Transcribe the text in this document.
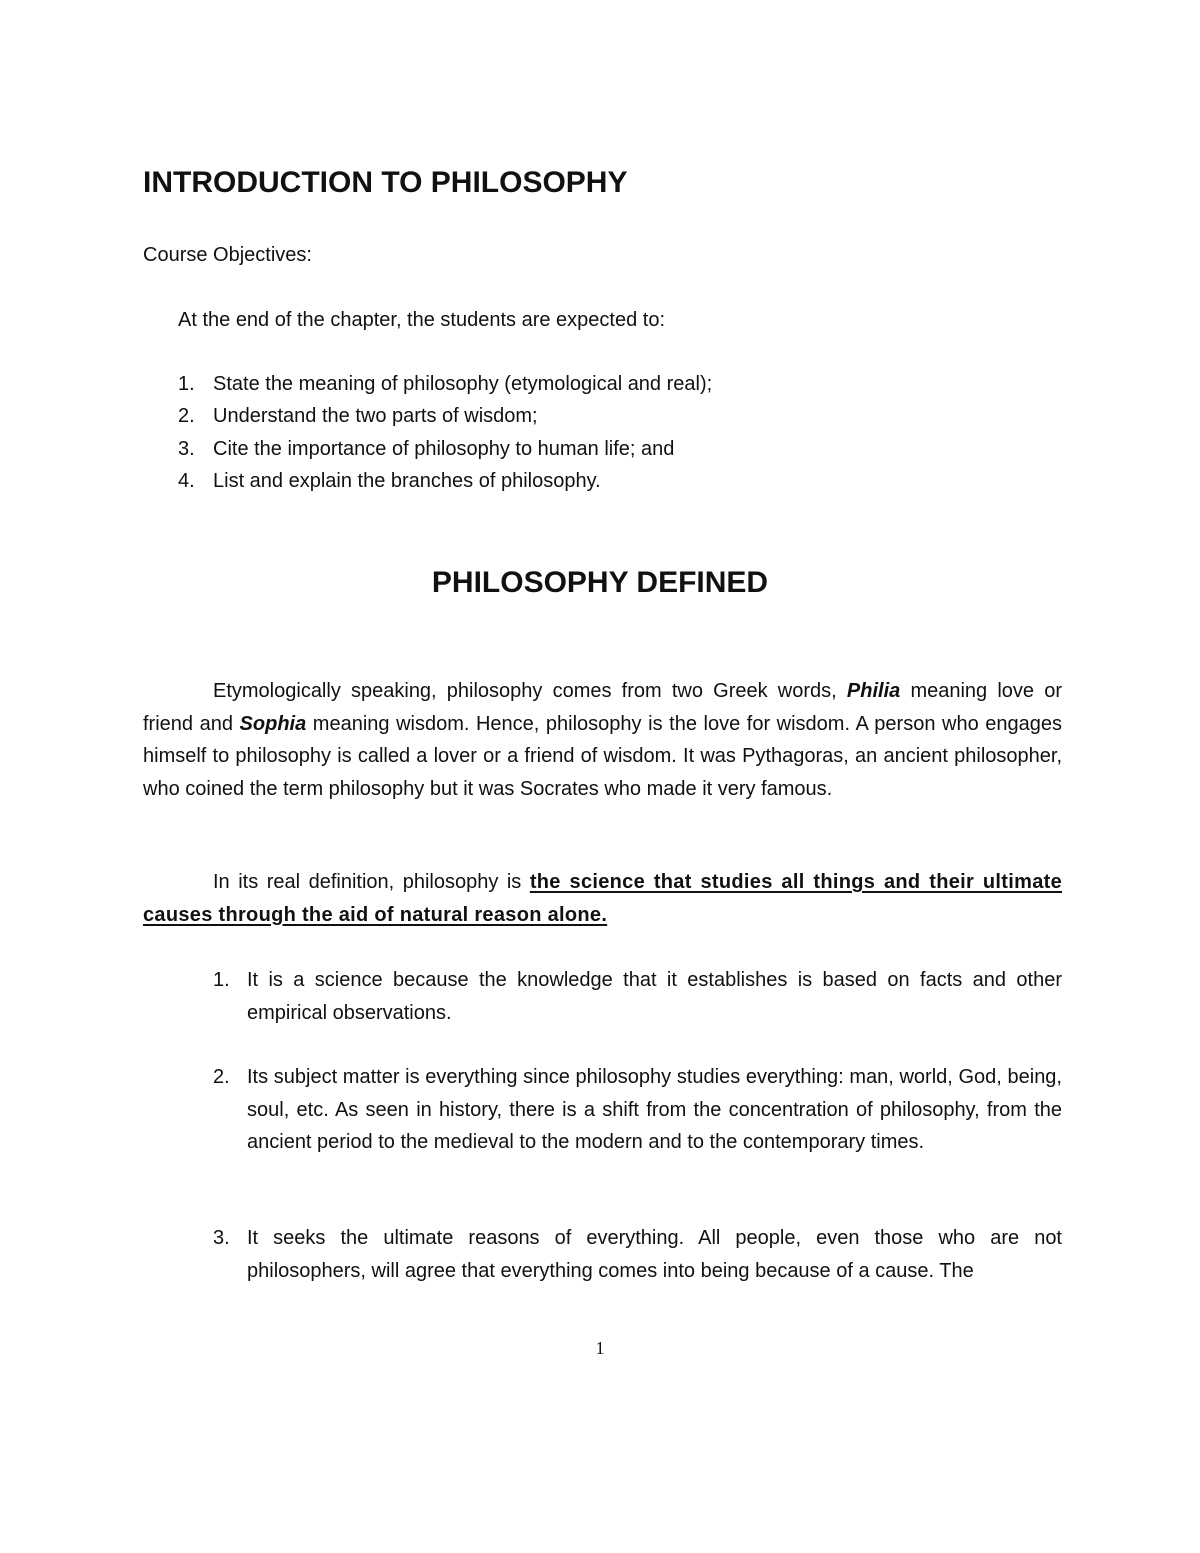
INTRODUCTION TO PHILOSOPHY

Course Objectives:

At the end of the chapter, the students are expected to:

1. State the meaning of philosophy (etymological and real);
2. Understand the two parts of wisdom;
3. Cite the importance of philosophy to human life; and
4. List and explain the branches of philosophy.
PHILOSOPHY DEFINED

Etymologically speaking, philosophy comes from two Greek words, Philia meaning love or friend and Sophia meaning wisdom. Hence, philosophy is the love for wisdom. A person who engages himself to philosophy is called a lover or a friend of wisdom. It was Pythagoras, an ancient philosopher, who coined the term philosophy but it was Socrates who made it very famous.

In its real definition, philosophy is the science that studies all things and their ultimate causes through the aid of natural reason alone.

1. It is a science because the knowledge that it establishes is based on facts and other empirical observations.
2. Its subject matter is everything since philosophy studies everything: man, world, God, being, soul, etc. As seen in history, there is a shift from the concentration of philosophy, from the ancient period to the medieval to the modern and to the contemporary times.
3. It seeks the ultimate reasons of everything. All people, even those who are not philosophers, will agree that everything comes into being because of a cause. The
1
